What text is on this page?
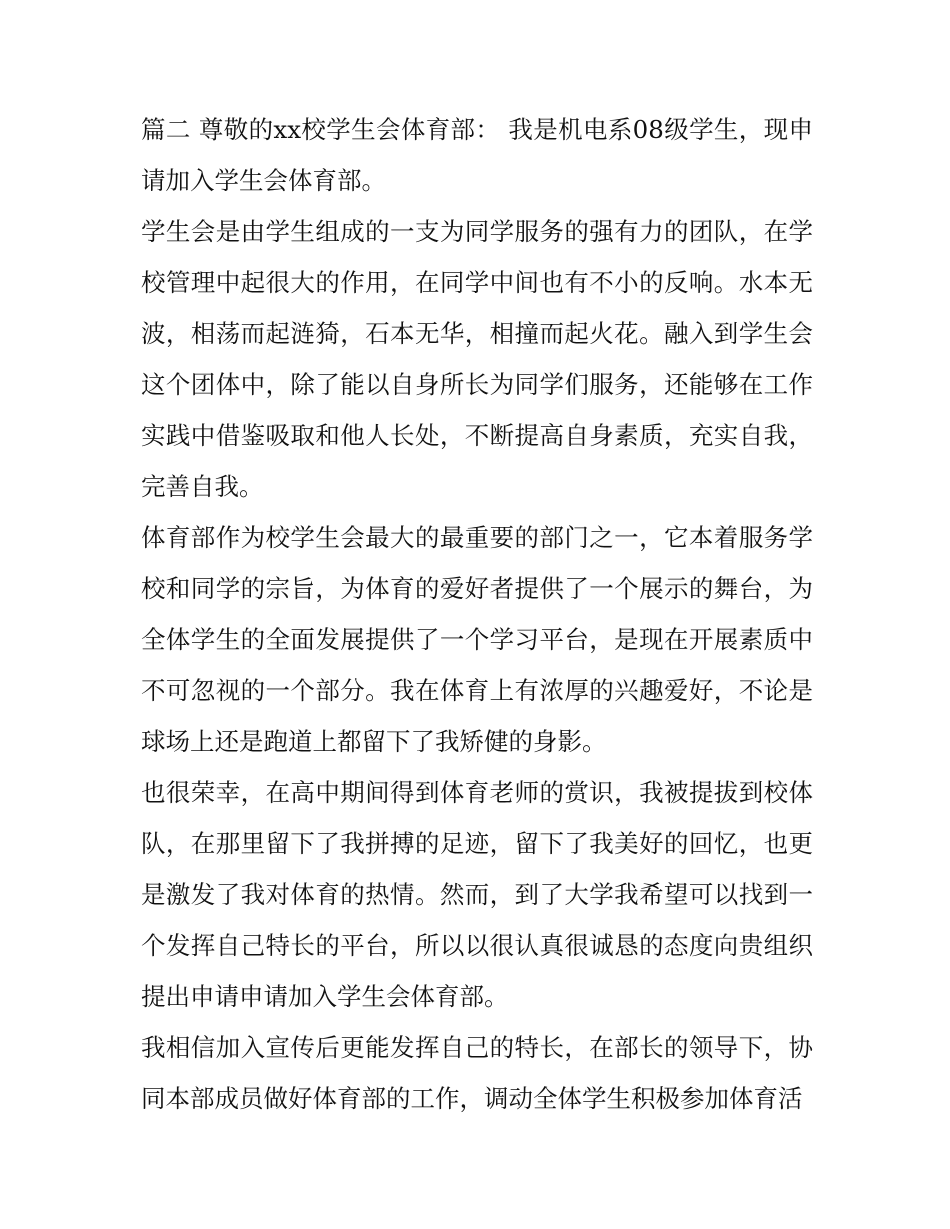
篇二 尊敬的xx校学生会体育部： 我是机电系08级学生，现申请加入学生会体育部。

学生会是由学生组成的一支为同学服务的强有力的团队，在学校管理中起很大的作用，在同学中间也有不小的反响。水本无波，相荡而起涟猗，石本无华，相撞而起火花。融入到学生会这个团体中，除了能以自身所长为同学们服务，还能够在工作实践中借鉴吸取和他人长处，不断提高自身素质，充实自我，完善自我。

体育部作为校学生会最大的最重要的部门之一，它本着服务学校和同学的宗旨，为体育的爱好者提供了一个展示的舞台，为全体学生的全面发展提供了一个学习平台，是现在开展素质中不可忽视的一个部分。我在体育上有浓厚的兴趣爱好，不论是球场上还是跑道上都留下了我矫健的身影。

也很荣幸，在高中期间得到体育老师的赏识，我被提拔到校体队，在那里留下了我拼搏的足迹，留下了我美好的回忆，也更是激发了我对体育的热情。然而，到了大学我希望可以找到一个发挥自己特长的平台，所以以很认真很诚恳的态度向贵组织提出申请申请加入学生会体育部。

我相信加入宣传后更能发挥自己的特长，在部长的领导下，协同本部成员做好体育部的工作，调动全体学生积极参加体育活
